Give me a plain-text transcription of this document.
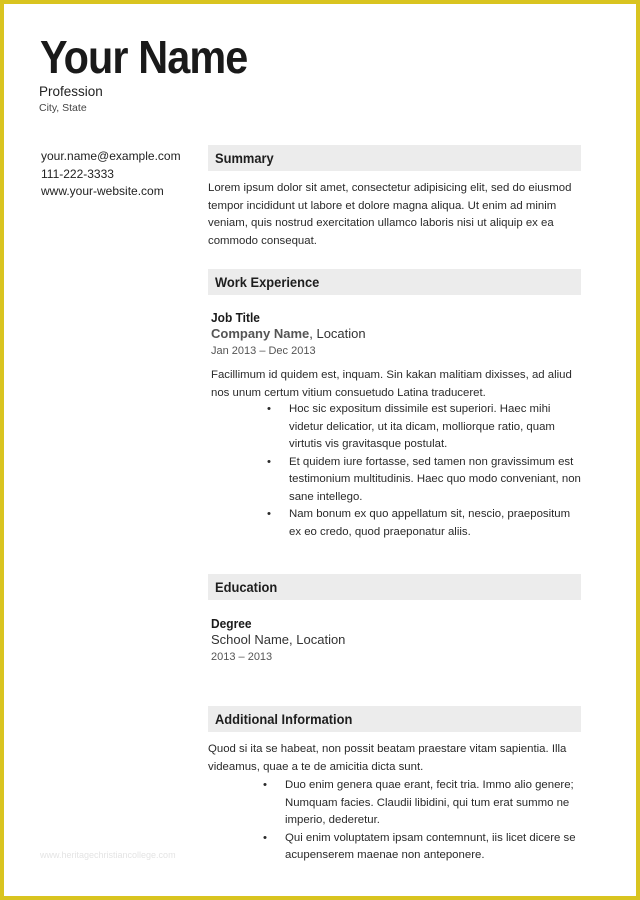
Your Name
Profession
City, State
your.name@example.com
111-222-3333
www.your-website.com
Summary
Lorem ipsum dolor sit amet, consectetur adipisicing elit, sed do eiusmod tempor incididunt ut labore et dolore magna aliqua. Ut enim ad minim veniam, quis nostrud exercitation ullamco laboris nisi ut aliquip ex ea commodo consequat.
Work Experience
Job Title
Company Name, Location
Jan 2013 – Dec 2013
Facillimum id quidem est, inquam. Sin kakan malitiam dixisses, ad aliud nos unum certum vitium consuetudo Latina traduceret.
• Hoc sic expositum dissimile est superiori. Haec mihi videtur delicatior, ut ita dicam, molliorque ratio, quam virtutis vis gravitasque postulat.
• Et quidem iure fortasse, sed tamen non gravissimum est testimonium multitudinis. Haec quo modo conveniant, non sane intellego.
• Nam bonum ex quo appellatum sit, nescio, praepositum ex eo credo, quod praeponatur aliis.
Education
Degree
School Name, Location
2013 – 2013
Additional Information
Quod si ita se habeat, non possit beatam praestare vitam sapientia. Illa videamus, quae a te de amicitia dicta sunt.
• Duo enim genera quae erant, fecit tria. Immo alio genere; Numquam facies. Claudii libidini, qui tum erat summo ne imperio, dederetur.
• Qui enim voluptatem ipsam contemnunt, iis licet dicere se acupenserem maenae non anteponere.
www.heritagechristiancollege.com
